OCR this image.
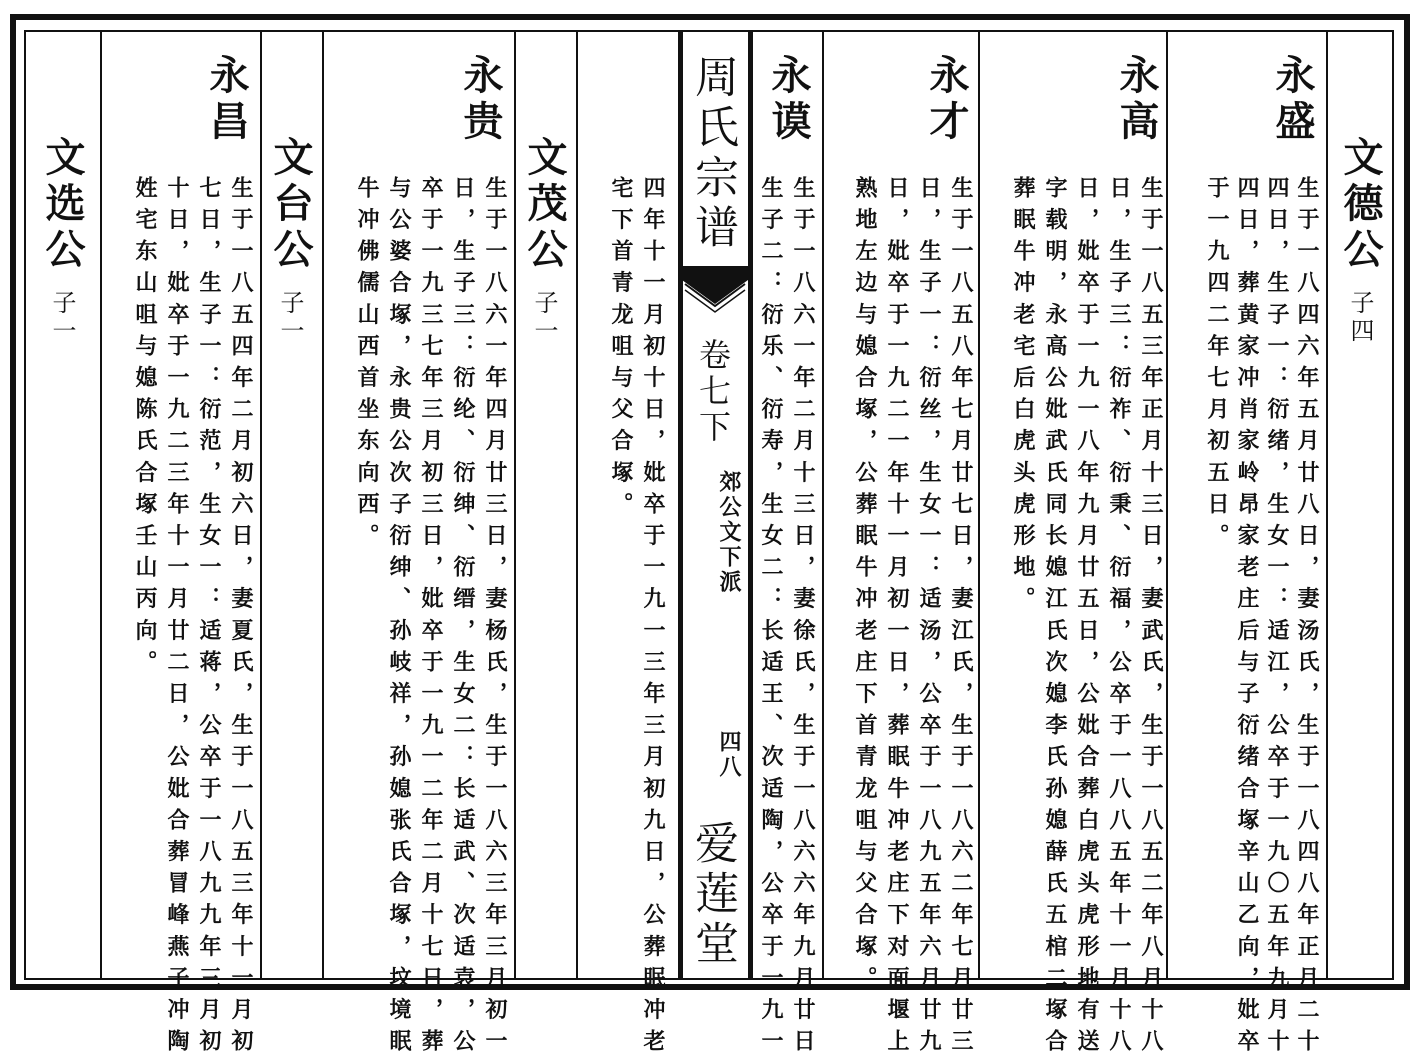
周氏宗谱
卷七下
郊公文下派
四八
爱莲堂
文德公
子四
永盛
生于一八四六年五月廿八日，妻汤氏，生于一八四八年正月二十
四日，生子一：衍绪，生女一：适江，公卒于一九〇五年九月十
四日，葬黄家冲肖家岭昂家老庄后与子衍绪合塚辛山乙向，妣卒
于一九四二年七月初五日。
永高
生于一八五三年正月十三日，妻武氏，生于一八五二年八月十八
日，生子三：衍祚、衍秉、衍福，公卒于一八八五年十一月十八
日，妣卒于一九一八年九月廿五日，公妣合葬白虎头虎形地有送
字载明，永高公妣武氏同长媳江氏次媳李氏孙媳薛氏五棺二塚合
葬眠牛冲老宅后白虎头虎形地。
永才
生于一八五八年七月廿七日，妻江氏，生于一八六二年七月廿三
日，生子一：衍丝，生女一：适汤，公卒于一八九五年六月廿九
日，妣卒于一九二一年十一月初一日，葬眠牛冲老庄下对面堰上
熟地左边与媳合塚，公葬眠牛冲老庄下首青龙咀与父合塚。
永谟
生于一八六一年二月十三日，妻徐氏，生于一八六六年九月廿日
生子二：衍乐、衍寿，生女二：长适王、次适陶，公卒于一九一
四年十一月初十日，妣卒于一九一三年三月初九日，公葬眠冲老
宅下首青龙咀与父合塚。
文茂公
子一
永贵
生于一八六一年四月廿三日，妻杨氏，生于一八六三年三月初一
日，生子三：衍纶、衍绅、衍缙，生女二：长适武、次适袁，公
卒于一九三七年三月初三日，妣卒于一九一二年二月十七日，葬
与公婆合塚，永贵公次子衍绅、孙岐祥，孙媳张氏合塚，坟境眠
牛冲佛儒山西首坐东向西。
文台公
子一
永昌
生于一八五四年二月初六日，妻夏氏，生于一八五三年十一月初
七日，生子一：衍范，生女一：适蒋，公卒于一八九九年三月初
十日，妣卒于一九二三年十一月廿二日，公妣合葬冒峰燕子冲陶
姓宅东山咀与媳陈氏合塚壬山丙向。
文选公
子一
